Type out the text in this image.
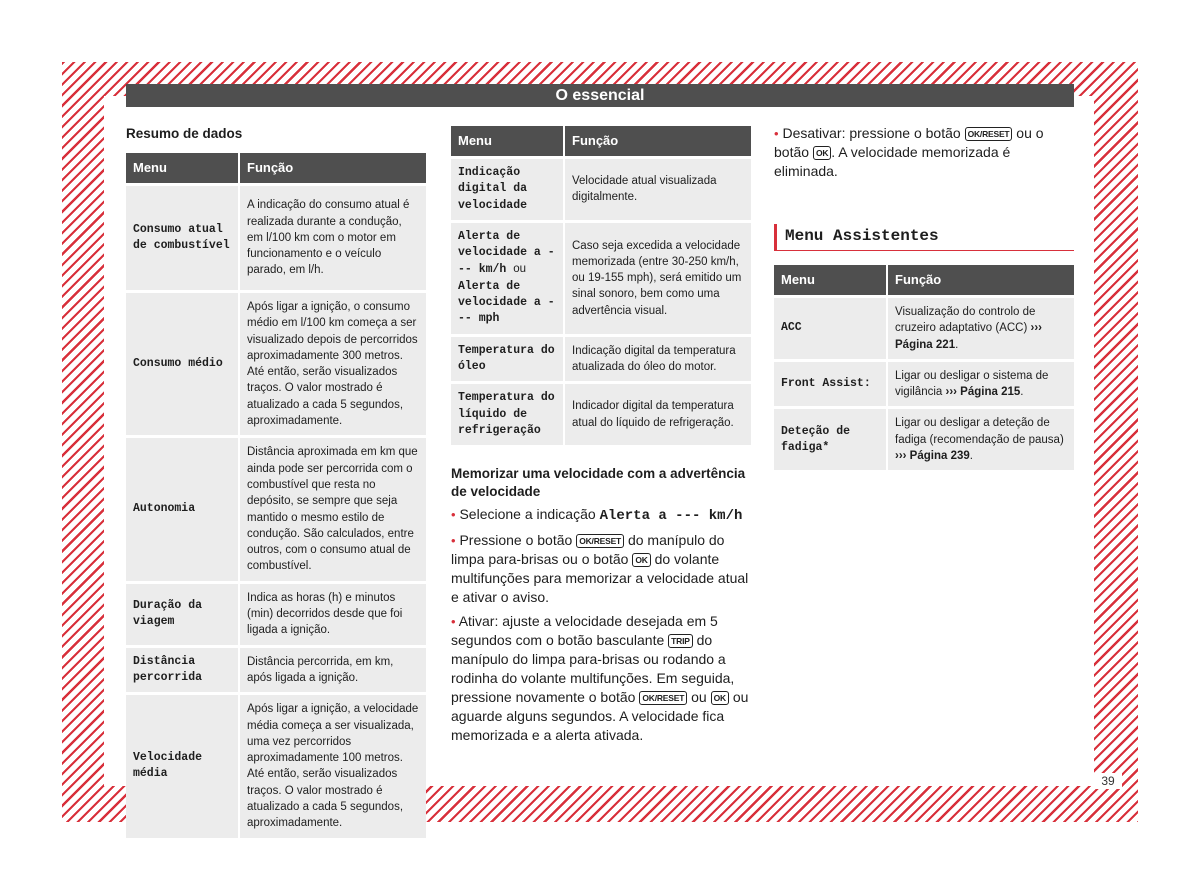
O essencial
Resumo de dados
Menu	Função
Consumo atual de combustível	A indicação do consumo atual é realizada durante a condução, em l/100 km com o motor em funcionamento e o veículo parado, em l/h.
Consumo médio	Após ligar a ignição, o consumo médio em l/100 km começa a ser visualizado depois de percorridos aproximadamente 300 metros. Até então, serão visualizados traços. O valor mostrado é atualizado a cada 5 segundos, aproximadamente.
Autonomia	Distância aproximada em km que ainda pode ser percorrida com o combustível que resta no depósito, se sempre que seja mantido o mesmo estilo de condução. São calculados, entre outros, com o consumo atual de combustível.
Duração da viagem	Indica as horas (h) e minutos (min) decorridos desde que foi ligada a ignição.
Distância percorrida	Distância percorrida, em km, após ligada a ignição.
Velocidade média	Após ligar a ignição, a velocidade média começa a ser visualizada, uma vez percorridos aproximadamente 100 metros. Até então, serão visualizados traços. O valor mostrado é atualizado a cada 5 segundos, aproximadamente.
Menu	Função
Indicação digital da velocidade	Velocidade atual visualizada digitalmente.
Alerta de velocidade a --- km/h ou
Alerta de velocidade a --- mph	Caso seja excedida a velocidade memorizada (entre 30-250 km/h, ou 19-155 mph), será emitido um sinal sonoro, bem como uma advertência visual.
Temperatura do óleo	Indicação digital da temperatura atualizada do óleo do motor.
Temperatura do líquido de refrigeração	Indicador digital da temperatura atual do líquido de refrigeração.
Memorizar uma velocidade com a advertência de velocidade

• Selecione a indicação Alerta a --- km/h

• Pressione o botão OK/RESET do manípulo do limpa para-brisas ou o botão OK do volante multifunções para memorizar a velocidade atual e ativar o aviso.

• Ativar: ajuste a velocidade desejada em 5 segundos com o botão basculante TRIP do manípulo do limpa para-brisas ou rodando a rodinha do volante multifunções. Em seguida, pressione novamente o botão OK/RESET ou OK ou aguarde alguns segundos. A velocidade fica memorizada e a alerta ativada.

• Desativar: pressione o botão OK/RESET ou o botão OK . A velocidade memorizada é eliminada.

Menu Assistentes
Menu	Função
ACC	Visualização do controlo de cruzeiro adaptativo (ACC) ››› Página 221.
Front Assist:	Ligar ou desligar o sistema de vigilância ››› Página 215.
Deteção de fadiga*	Ligar ou desligar a deteção de fadiga (recomendação de pausa) ››› Página 239.
39
